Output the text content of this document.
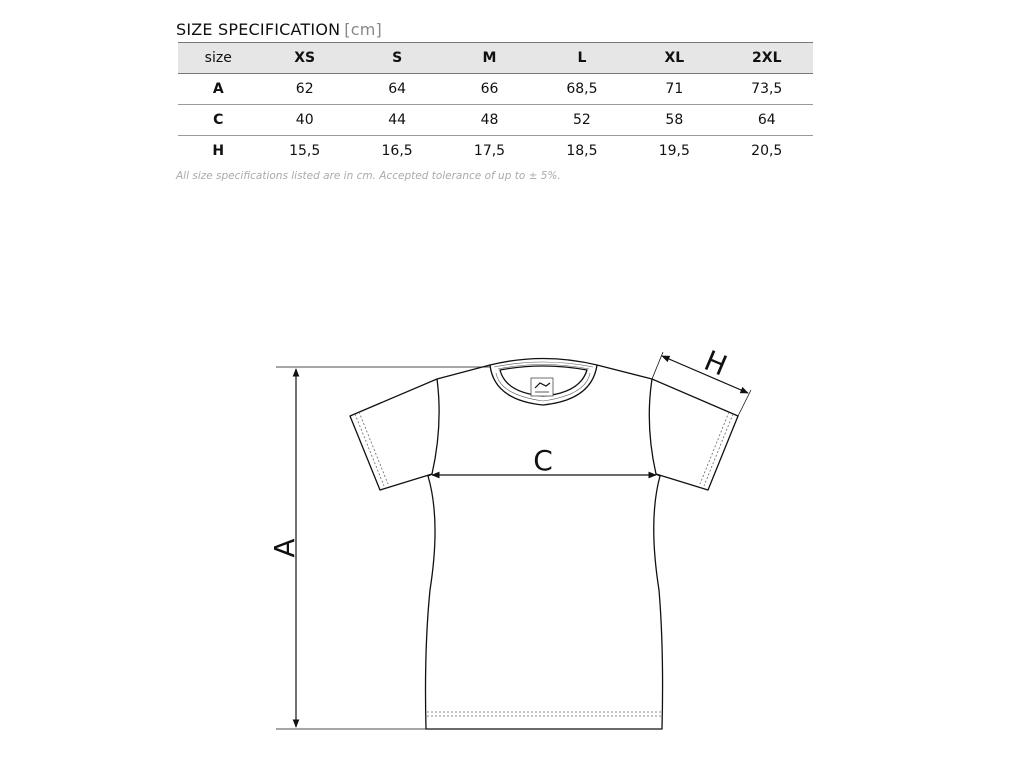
SIZE SPECIFICATION [cm]
size	XS	S	M	L	XL	2XL
A	62	64	66	68,5	71	73,5
C	40	44	48	52	58	64
H	15,5	16,5	17,5	18,5	19,5	20,5
All size specifications listed are in cm. Accepted tolerance of up to ± 5%.
A
C
H
